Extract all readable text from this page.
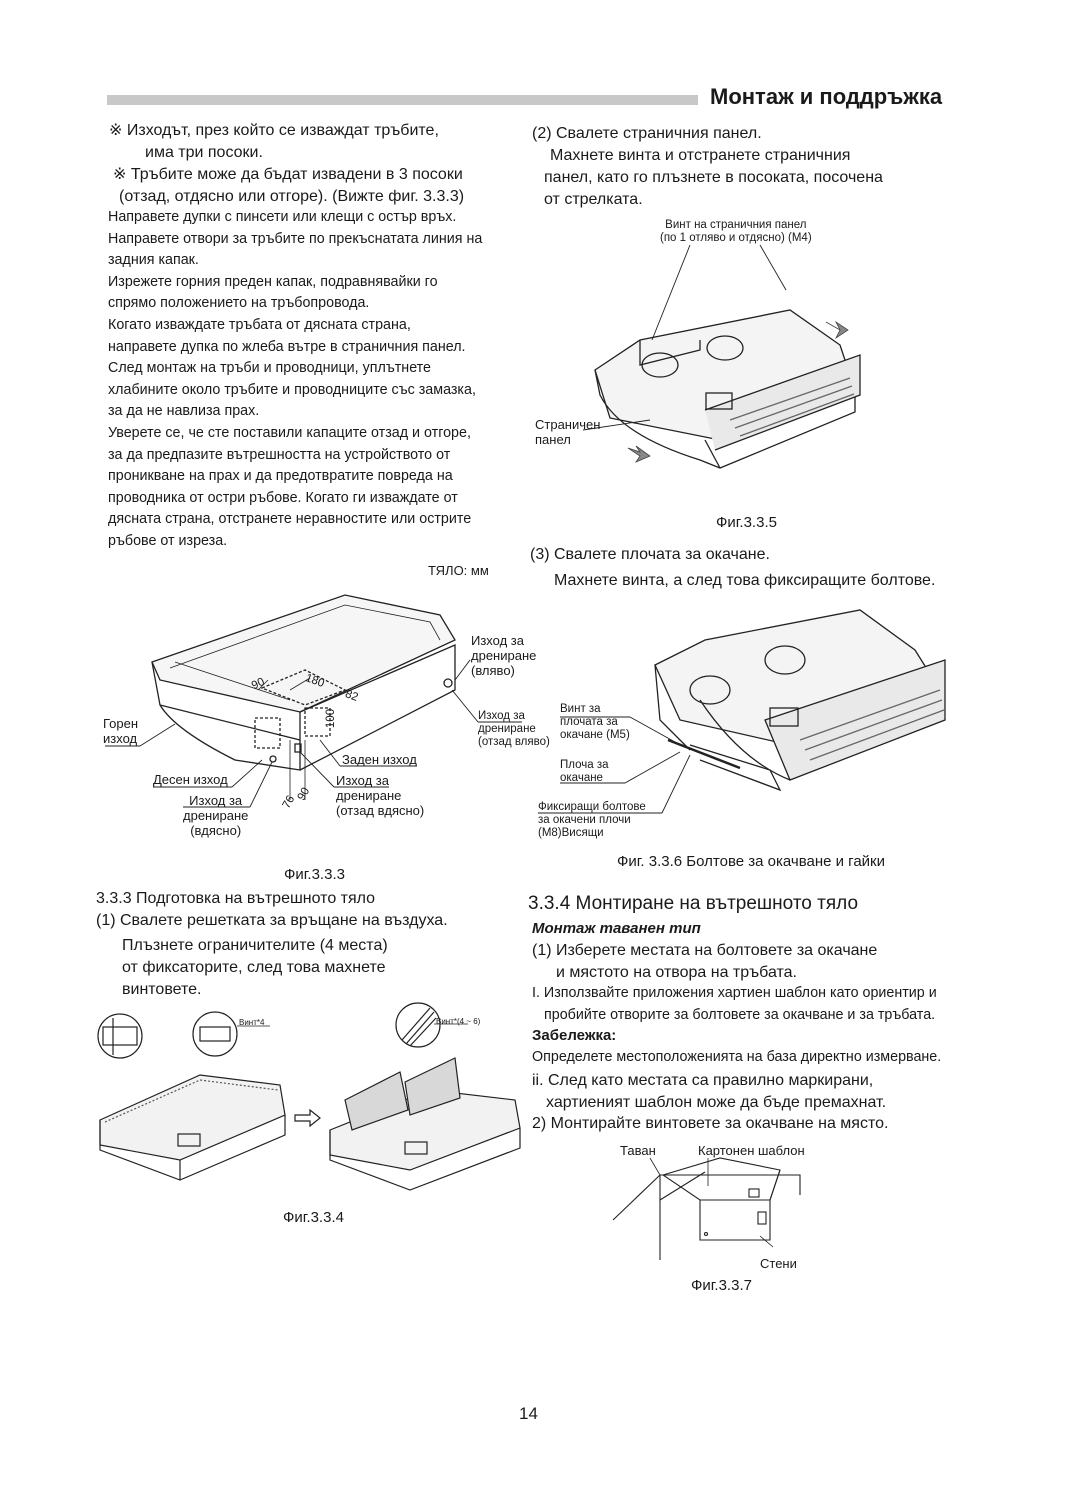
Монтаж и поддръжка
※ Изходът, през който се изваждат тръбите,
има три посоки.
※ Тръбите може да бъдат извадени в 3 посоки
(отзад, отдясно или отгоре). (Вижте фиг. 3.3.3)
Направете дупки с пинсети или клещи с остър връх.
Направете отвори за тръбите по прекъснатата линия на
задния капак.
Изрежете горния преден капак, подравнявайки го
спрямо положението на тръбопровода.
Когато изваждате тръбата от дясната страна,
направете дупка по жлеба вътре в страничния панел.
След монтаж на тръби и проводници, уплътнете
хлабините около тръбите и проводниците със замазка,
за да не навлиза прах.
Уверете се, че сте поставили капаците отзад и отгоре,
за да предпазите вътрешността на устройството от
проникване на прах и да предотвратите повреда на
проводника от остри ръбове. Когато ги изваждате от
дясната страна, отстранете неравностите или острите
ръбове от изреза.
ТЯЛО: мм
90	180
82
100
76
90
Горен
изход
Десен изход
Изход за
дрениране
(вдясно)
Заден изход
Изход за
дрениране
(отзад вдясно)
Изход за
дрениране
(вляво)
Изход за
дрениране
(отзад вляво)
Фиг.3.3.3
3.3.3 Подготовка на вътрешното тяло
(1) Свалете решетката за връщане на въздуха.
Плъзнете ограничителите (4 места)
от фиксаторите, след това махнете
винтовете.
Винт*4	Винт*(4 ~ 6)
Фиг.3.3.4
(2) Свалете страничния панел.
Махнете винта и отстранете страничния
панел, като го плъзнете в посоката, посочена
от стрелката.
Винт на страничния панел
(по 1 отляво и отдясно) (M4)
Страничен
панел
Фиг.3.3.5
(3) Свалете плочата за окачане.
Махнете винта, а след това фиксиращите болтове.
Винт за
плочата за
окачане (M5)
Плоча за
окачане
Фиксиращи болтове
за окачени плочи
(M8)Висящи
Фиг. 3.3.6 Болтове за окачване и гайки
3.3.4 Монтиране на вътрешното тяло
Монтаж таванен тип
(1) Изберете местата на болтовете за окачане
и мястото на отвора на тръбата.
I. Използвайте приложения хартиен шаблон като ориентир и
пробийте отворите за болтовете за окачване и за тръбата.
Забележка:
Определете местоположенията на база директно измерване.
ii. След като местата са правилно маркирани,
хартиеният шаблон може да бъде премахнат.
2) Монтирайте винтовете за окачване на място.
Таван	Картонен шаблон
Стени
Фиг.3.3.7
14
